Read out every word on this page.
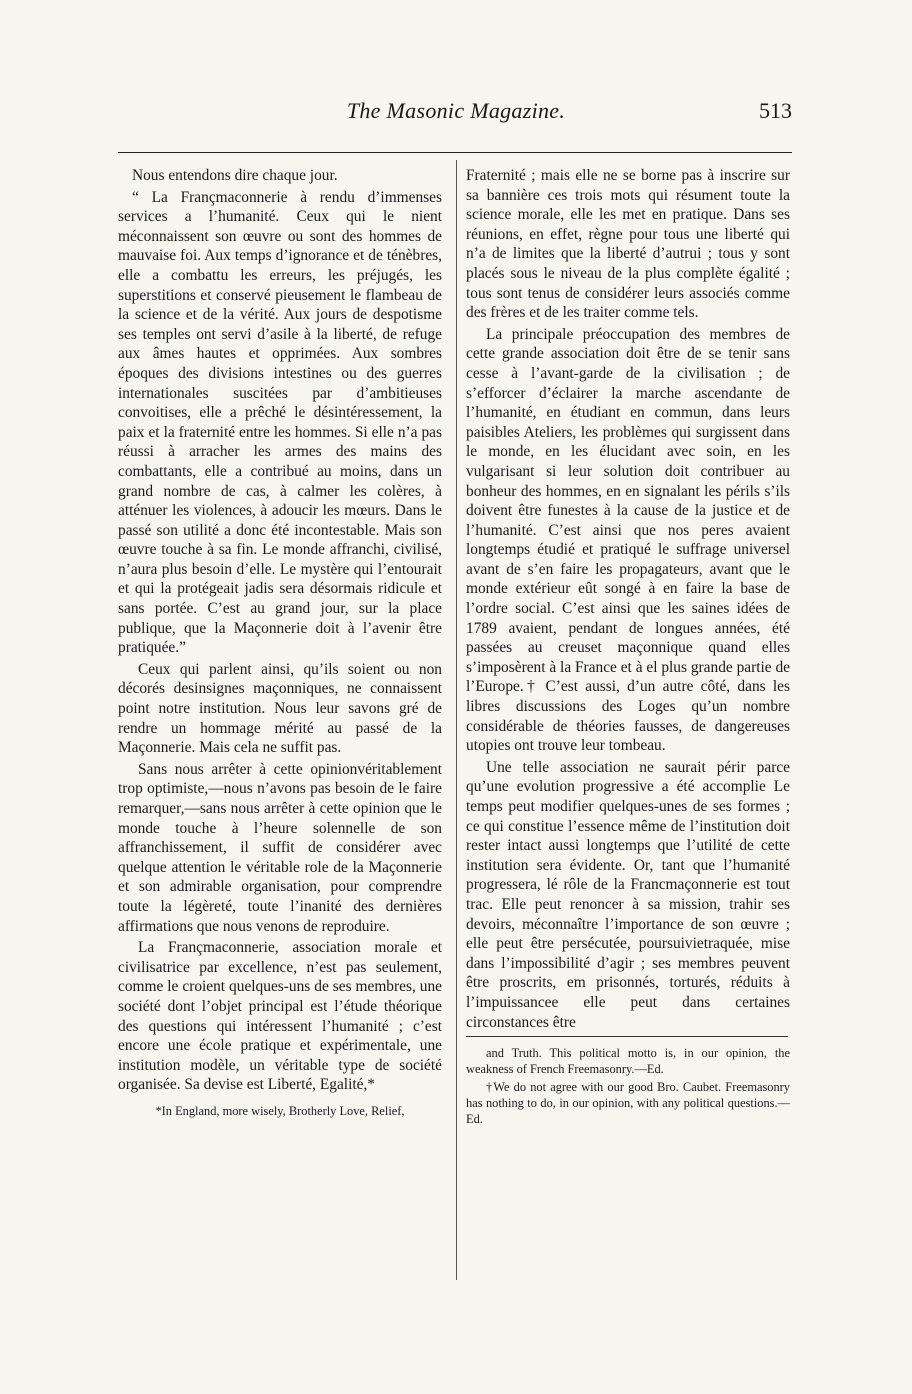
The Masonic Magazine.	513

Nous entendons dire chaque jour.

“ La Françmaconnerie à rendu d’immenses services a l’humanité. Ceux qui le nient méconnaissent son œuvre ou sont des hommes de mauvaise foi. Aux temps d’ignorance et de ténèbres, elle a combattu les erreurs, les préjugés, les superstitions et conservé pieusement le flambeau de la science et de la vérité. Aux jours de despotisme ses temples ont servi d’asile à la liberté, de refuge aux âmes hautes et opprimées. Aux sombres époques des divisions intestines ou des guerres internationales suscitées par d’ambitieuses convoitises, elle a prêché le désintéressement, la paix et la fraternité entre les hommes. Si elle n’a pas réussi à arracher les armes des mains des combattants, elle a contribué au moins, dans un grand nombre de cas, à calmer les colères, à atténuer les violences, à adoucir les mœurs. Dans le passé son utilité a donc été incontestable. Mais son œuvre touche à sa fin. Le monde affranchi, civilisé, n’aura plus besoin d’elle. Le mystère qui l’entourait et qui la protégeait jadis sera désormais ridicule et sans portée. C’est au grand jour, sur la place publique, que la Maçonnerie doit à l’avenir être pratiquée.”

Ceux qui parlent ainsi, qu’ils soient ou non décorés desinsignes maçonniques, ne connaissent point notre institution. Nous leur savons gré de rendre un hommage mérité au passé de la Maçonnerie. Mais cela ne suffit pas.

Sans nous arrêter à cette opinionvéritablement trop optimiste,—nous n’avons pas besoin de le faire remarquer,—sans nous arrêter à cette opinion que le monde touche à l’heure solennelle de son affranchissement, il suffit de considérer avec quelque attention le véritable role de la Maçonnerie et son admirable organisation, pour comprendre toute la légèreté, toute l’inanité des dernières affirmations que nous venons de reproduire.

La Françmaconnerie, association morale et civilisatrice par excellence, n’est pas seulement, comme le croient quelques-uns de ses membres, une société dont l’objet principal est l’étude théorique des questions qui intéressent l’humanité ; c’est encore une école pratique et expérimentale, une institution modèle, un véritable type de société organisée. Sa devise est Liberté, Egalité,*

*In England, more wisely, Brotherly Love, Relief,

Fraternité ; mais elle ne se borne pas à inscrire sur sa bannière ces trois mots qui résument toute la science morale, elle les met en pratique. Dans ses réunions, en effet, règne pour tous une liberté qui n’a de limites que la liberté d’autrui ; tous y sont placés sous le niveau de la plus complète égalité ; tous sont tenus de considérer leurs associés comme des frères et de les traiter comme tels.

La principale préoccupation des membres de cette grande association doit être de se tenir sans cesse à l’avant-garde de la civilisation ; de s’efforcer d’éclairer la marche ascendante de l’humanité, en étudiant en commun, dans leurs paisibles Ateliers, les problèmes qui surgissent dans le monde, en les élucidant avec soin, en les vulgarisant si leur solution doit contribuer au bonheur des hommes, en en signalant les périls s’ils doivent être funestes à la cause de la justice et de l’humanité. C’est ainsi que nos peres avaient longtemps étudié et pratiqué le suffrage universel avant de s’en faire les propagateurs, avant que le monde extérieur eût songé à en faire la base de l’ordre social. C’est ainsi que les saines idées de 1789 avaient, pendant de longues années, été passées au creuset maçonnique quand elles s’imposèrent à la France et à el plus grande partie de l’Europe.† C’est aussi, d’un autre côté, dans les libres discussions des Loges qu’un nombre considérable de théories fausses, de dangereuses utopies ont trouve leur tombeau.

Une telle association ne saurait périr parce qu’une evolution progressive a été accomplie Le temps peut modifier quelques-unes de ses formes ; ce qui constitue l’essence même de l’institution doit rester intact aussi longtemps que l’utilité de cette institution sera évidente. Or, tant que l’humanité progressera, lé rôle de la Francmaçonnerie est tout trac. Elle peut renoncer à sa mission, trahir ses devoirs, méconnaître l’importance de son œuvre ; elle peut être persécutée, poursuivietraquée, mise dans l’impossibilité d’agir ; ses membres peuvent être proscrits, em prisonnés, torturés, réduits à l’impuissancee elle peut dans certaines circonstances être

and Truth. This political motto is, in our opinion, the weakness of French Freemasonry.—Ed.

†We do not agree with our good Bro. Caubet. Freemasonry has nothing to do, in our opinion, with any political questions.—Ed.
